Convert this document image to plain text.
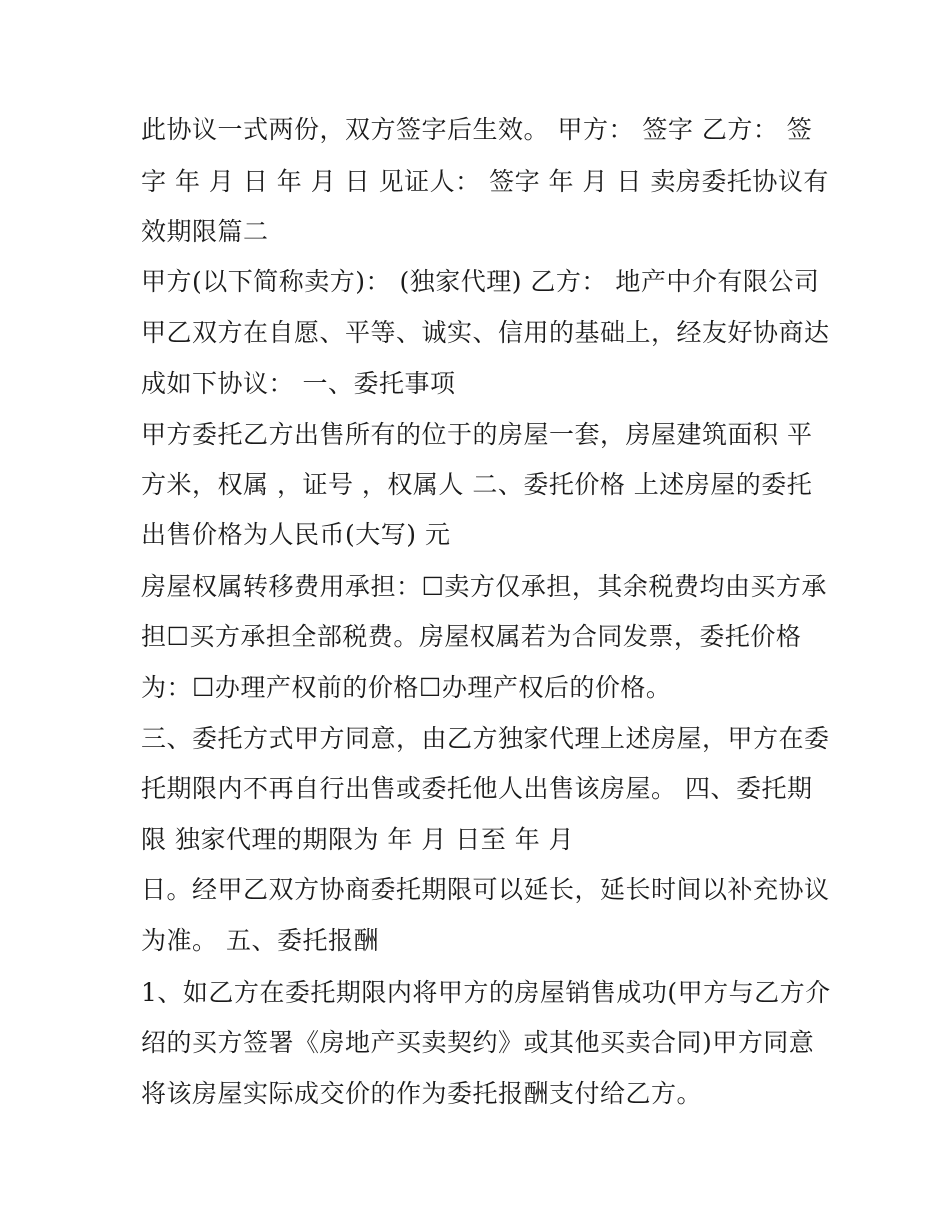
此协议一式两份，双方签字后生效。 甲方： 签字 乙方： 签
字 年 月 日 年 月 日 见证人： 签字 年 月 日 卖房委托协议有
效期限篇二
甲方(以下简称卖方)： (独家代理) 乙方： 地产中介有限公司
甲乙双方在自愿、平等、诚实、信用的基础上，经友好协商达
成如下协议： 一、委托事项
甲方委托乙方出售所有的位于的房屋一套，房屋建筑面积 平
方米，权属 ，证号 ，权属人 二、委托价格 上述房屋的委托
出售价格为人民币(大写) 元
房屋权属转移费用承担：☐卖方仅承担，其余税费均由买方承
担☐买方承担全部税费。房屋权属若为合同发票，委托价格
为：☐办理产权前的价格☐办理产权后的价格。
三、委托方式甲方同意，由乙方独家代理上述房屋，甲方在委
托期限内不再自行出售或委托他人出售该房屋。 四、委托期
限 独家代理的期限为 年 月 日至 年 月
日。经甲乙双方协商委托期限可以延长，延长时间以补充协议
为准。 五、委托报酬
1、如乙方在委托期限内将甲方的房屋销售成功(甲方与乙方介
绍的买方签署《房地产买卖契约》或其他买卖合同)甲方同意
将该房屋实际成交价的作为委托报酬支付给乙方。
